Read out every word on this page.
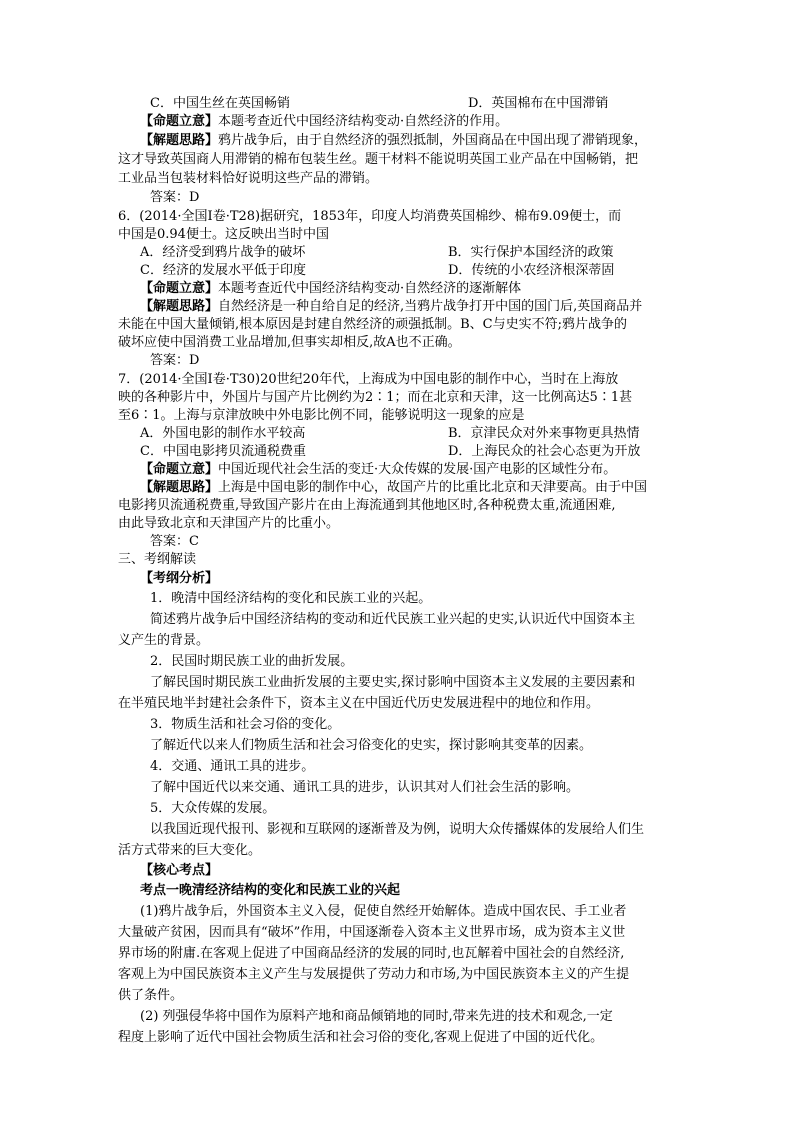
C．中国生丝在英国畅销	D．英国棉布在中国滞销
【命题立意】本题考查近代中国经济结构变动·自然经济的作用。
【解题思路】鸦片战争后，由于自然经济的强烈抵制，外国商品在中国出现了滞销现象，
这才导致英国商人用滞销的棉布包装生丝。题干材料不能说明英国工业产品在中国畅销，把
工业品当包装材料恰好说明这些产品的滞销。
答案：D
6．(2014·全国Ⅰ卷·T28)据研究，1853年，印度人均消费英国棉纱、棉布9.09便士，而
中国是0.94便士。这反映出当时中国
A．经济受到鸦片战争的破坏	B．实行保护本国经济的政策
C．经济的发展水平低于印度	D．传统的小农经济根深蒂固
【命题立意】本题考查近代中国经济结构变动·自然经济的逐渐解体
【解题思路】自然经济是一种自给自足的经济,当鸦片战争打开中国的国门后,英国商品并
未能在中国大量倾销,根本原因是封建自然经济的顽强抵制。B、C与史实不符;鸦片战争的
破坏应使中国消费工业品增加,但事实却相反,故A也不正确。
答案：D
7．(2014·全国Ⅰ卷·T30)20世纪20年代，上海成为中国电影的制作中心，当时在上海放
映的各种影片中，外国片与国产片比例约为2∶1；而在北京和天津，这一比例高达5∶1甚
至6∶1。上海与京津放映中外电影比例不同，能够说明这一现象的应是
A．外国电影的制作水平较高	B．京津民众对外来事物更具热情
C．中国电影拷贝流通税费重	D．上海民众的社会心态更为开放
【命题立意】中国近现代社会生活的变迁·大众传媒的发展·国产电影的区域性分布。
【解题思路】上海是中国电影的制作中心，故国产片的比重比北京和天津要高。由于中国
电影拷贝流通税费重,导致国产影片在由上海流通到其他地区时,各种税费太重,流通困难,
由此导致北京和天津国产片的比重小。
答案：C
三、考纲解读
【考纲分析】
1．晚清中国经济结构的变化和民族工业的兴起。
简述鸦片战争后中国经济结构的变动和近代民族工业兴起的史实,认识近代中国资本主
义产生的背景。
2．民国时期民族工业的曲折发展。
了解民国时期民族工业曲折发展的主要史实,探讨影响中国资本主义发展的主要因素和
在半殖民地半封建社会条件下，资本主义在中国近代历史发展进程中的地位和作用。
3．物质生活和社会习俗的变化。
了解近代以来人们物质生活和社会习俗变化的史实，探讨影响其变革的因素。
4．交通、通讯工具的进步。
了解中国近代以来交通、通讯工具的进步，认识其对人们社会生活的影响。
5．大众传媒的发展。
以我国近现代报刊、影视和互联网的逐渐普及为例，说明大众传播媒体的发展给人们生
活方式带来的巨大变化。
【核心考点】
考点一晚清经济结构的变化和民族工业的兴起
(1)鸦片战争后，外国资本主义入侵，促使自然经开始解体。造成中国农民、手工业者
大量破产贫困，因而具有“破坏”作用，中国逐渐卷入资本主义世界市场，成为资本主义世
界市场的附庸.在客观上促进了中国商品经济的发展的同时,也瓦解着中国社会的自然经济,
客观上为中国民族资本主义产生与发展提供了劳动力和市场,为中国民族资本主义的产生提
供了条件。
(2) 列强侵华将中国作为原料产地和商品倾销地的同时,带来先进的技术和观念,一定
程度上影响了近代中国社会物质生活和社会习俗的变化,客观上促进了中国的近代化。
